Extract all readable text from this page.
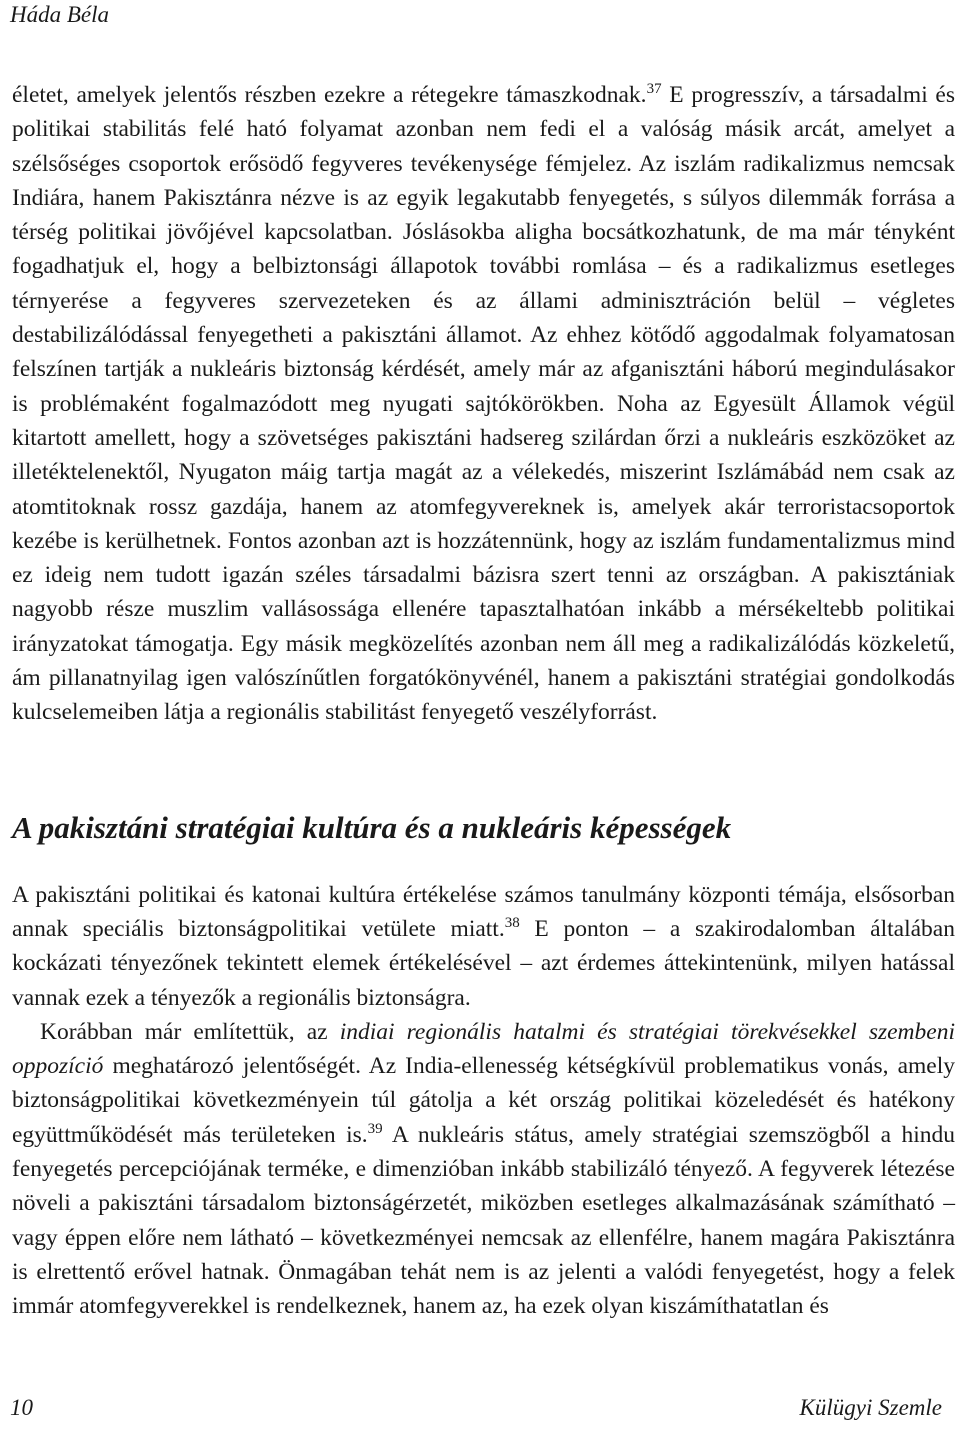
Háda Béla

életet, amelyek jelentős részben ezekre a rétegekre támaszkodnak.$^{37}$ E progresszív, a társadalmi és politikai stabilitás felé ható folyamat azonban nem fedi el a valóság másik arcát, amelyet a szélsőséges csoportok erősödő fegyveres tevékenysége fémjelez. Az iszlám radikalizmus nemcsak Indiára, hanem Pakisztánra nézve is az egyik legakutabb fenyegetés, s súlyos dilemmák forrása a térség politikai jövőjével kapcsolatban. Jóslásokba aligha bocsátkozhatunk, de ma már tényként fogadhatjuk el, hogy a belbiztonsági állapotok további romlása – és a radikalizmus esetleges térnyerése a fegyveres szervezeteken és az állami adminisztráción belül – végletes destabilizálódással fenyegetheti a pakisztáni államot. Az ehhez kötődő aggodalmak folyamatosan felszínen tartják a nukleáris biztonság kérdését, amely már az afganisztáni háború megindulásakor is problémaként fogalmazódott meg nyugati sajtókörökben. Noha az Egyesült Államok végül kitartott amellett, hogy a szövetséges pakisztáni hadsereg szilárdan őrzi a nukleáris eszközöket az illetéktelenektől, Nyugaton máig tartja magát az a vélekedés, miszerint Iszlámábád nem csak az atomtitoknak rossz gazdája, hanem az atomfegyvereknek is, amelyek akár terroristacsoportok kezébe is kerülhetnek. Fontos azonban azt is hozzátennünk, hogy az iszlám fundamentalizmus mind ez ideig nem tudott igazán széles társadalmi bázisra szert tenni az országban. A pakisztániak nagyobb része muszlim vallásossága ellenére tapasztalhatóan inkább a mérsékeltebb politikai irányzatokat támogatja. Egy másik megközelítés azonban nem áll meg a radikalizálódás közkeletű, ám pillanatnyilag igen valószínűtlen forgatókönyvénél, hanem a pakisztáni stratégiai gondolkodás kulcselemeiben látja a regionális stabilitást fenyegető veszélyforrást.

A pakisztáni stratégiai kultúra és a nukleáris képességek

A pakisztáni politikai és katonai kultúra értékelése számos tanulmány központi témája, elsősorban annak speciális biztonságpolitikai vetülete miatt.$^{38}$ E ponton – a szakirodalomban általában kockázati tényezőnek tekintett elemek értékelésével – azt érdemes áttekintenünk, milyen hatással vannak ezek a tényezők a regionális biztonságra.

Korábban már említettük, az indiai regionális hatalmi és stratégiai törekvésekkel szembeni oppozíció meghatározó jelentőségét. Az India-ellenesség kétségkívül problematikus vonás, amely biztonságpolitikai következményein túl gátolja a két ország politikai közeledését és hatékony együttműködését más területeken is.$^{39}$ A nukleáris státus, amely stratégiai szemszögből a hindu fenyegetés percepciójának terméke, e dimenzióban inkább stabilizáló tényező. A fegyverek létezése növeli a pakisztáni társadalom biztonságérzetét, miközben esetleges alkalmazásának számítható – vagy éppen előre nem látható – következményei nemcsak az ellenfélre, hanem magára Pakisztánra is elrettentő erővel hatnak. Önmagában tehát nem is az jelenti a valódi fenyegetést, hogy a felek immár atomfegyverekkel is rendelkeznek, hanem az, ha ezek olyan kiszámíthatatlan és

10	Külügyi Szemle
